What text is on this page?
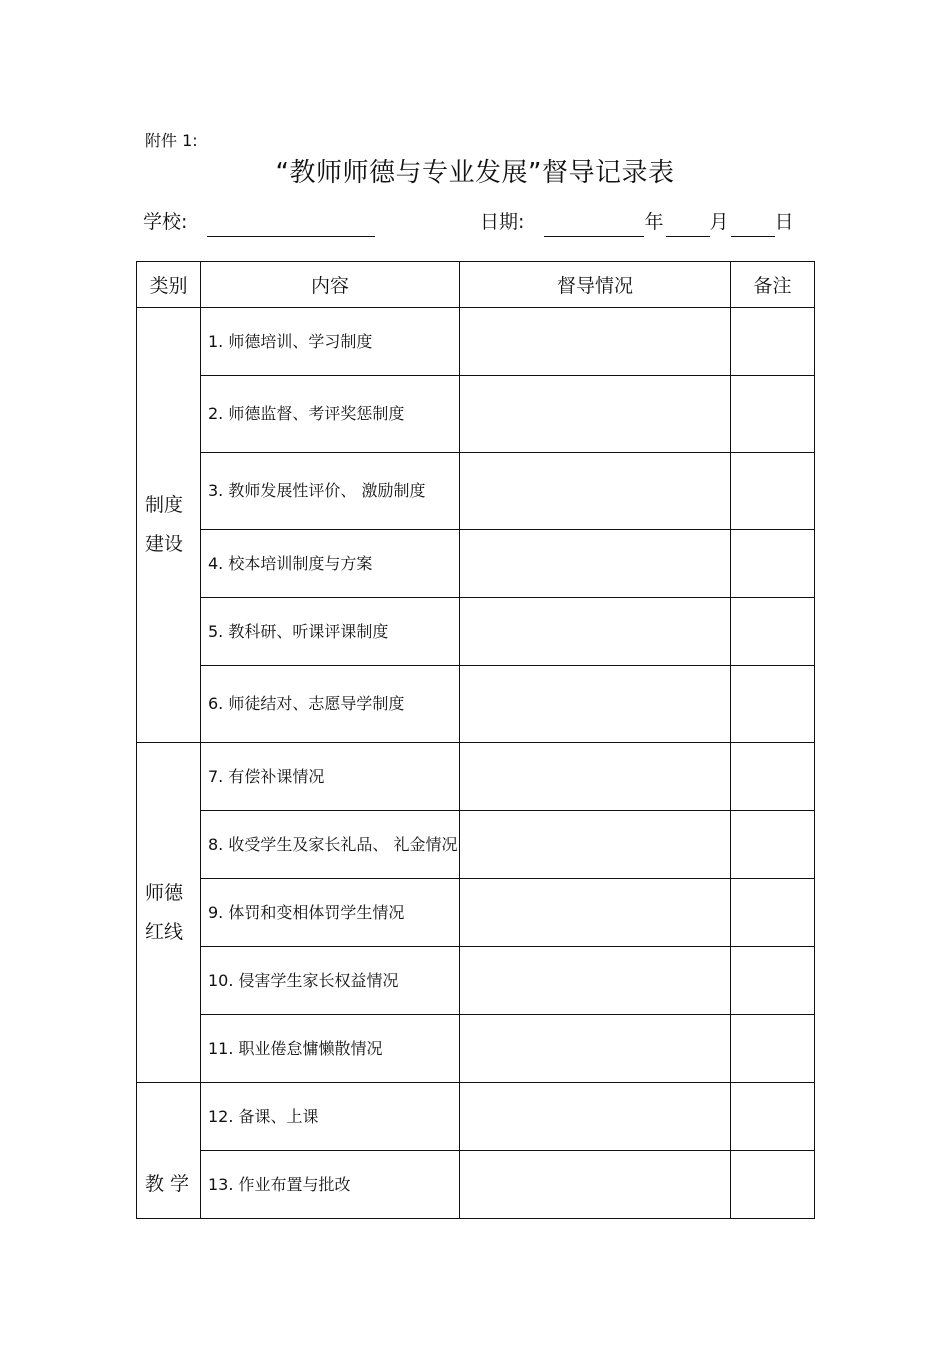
附件 1:
“教师师德与专业发展”督导记录表
学校:	日期:	年 月 日
类别	内容	督导情况	备注

制度
建设	1. 师德培训、学习制度		
	2. 师德监督、考评奖惩制度		
	3. 教师发展性评价、 激励制度		
	4. 校本培训制度与方案		
	5. 教科研、听课评课制度		
	6. 师徒结对、志愿导学制度		

师德
红线	7. 有偿补课情况		
	8. 收受学生及家长礼品、 礼金情况		
	9. 体罚和变相体罚学生情况		
	10. 侵害学生家长权益情况		
	11. 职业倦怠慵懒散情况		
教 学	12. 备课、上课		
	13. 作业布置与批改		
